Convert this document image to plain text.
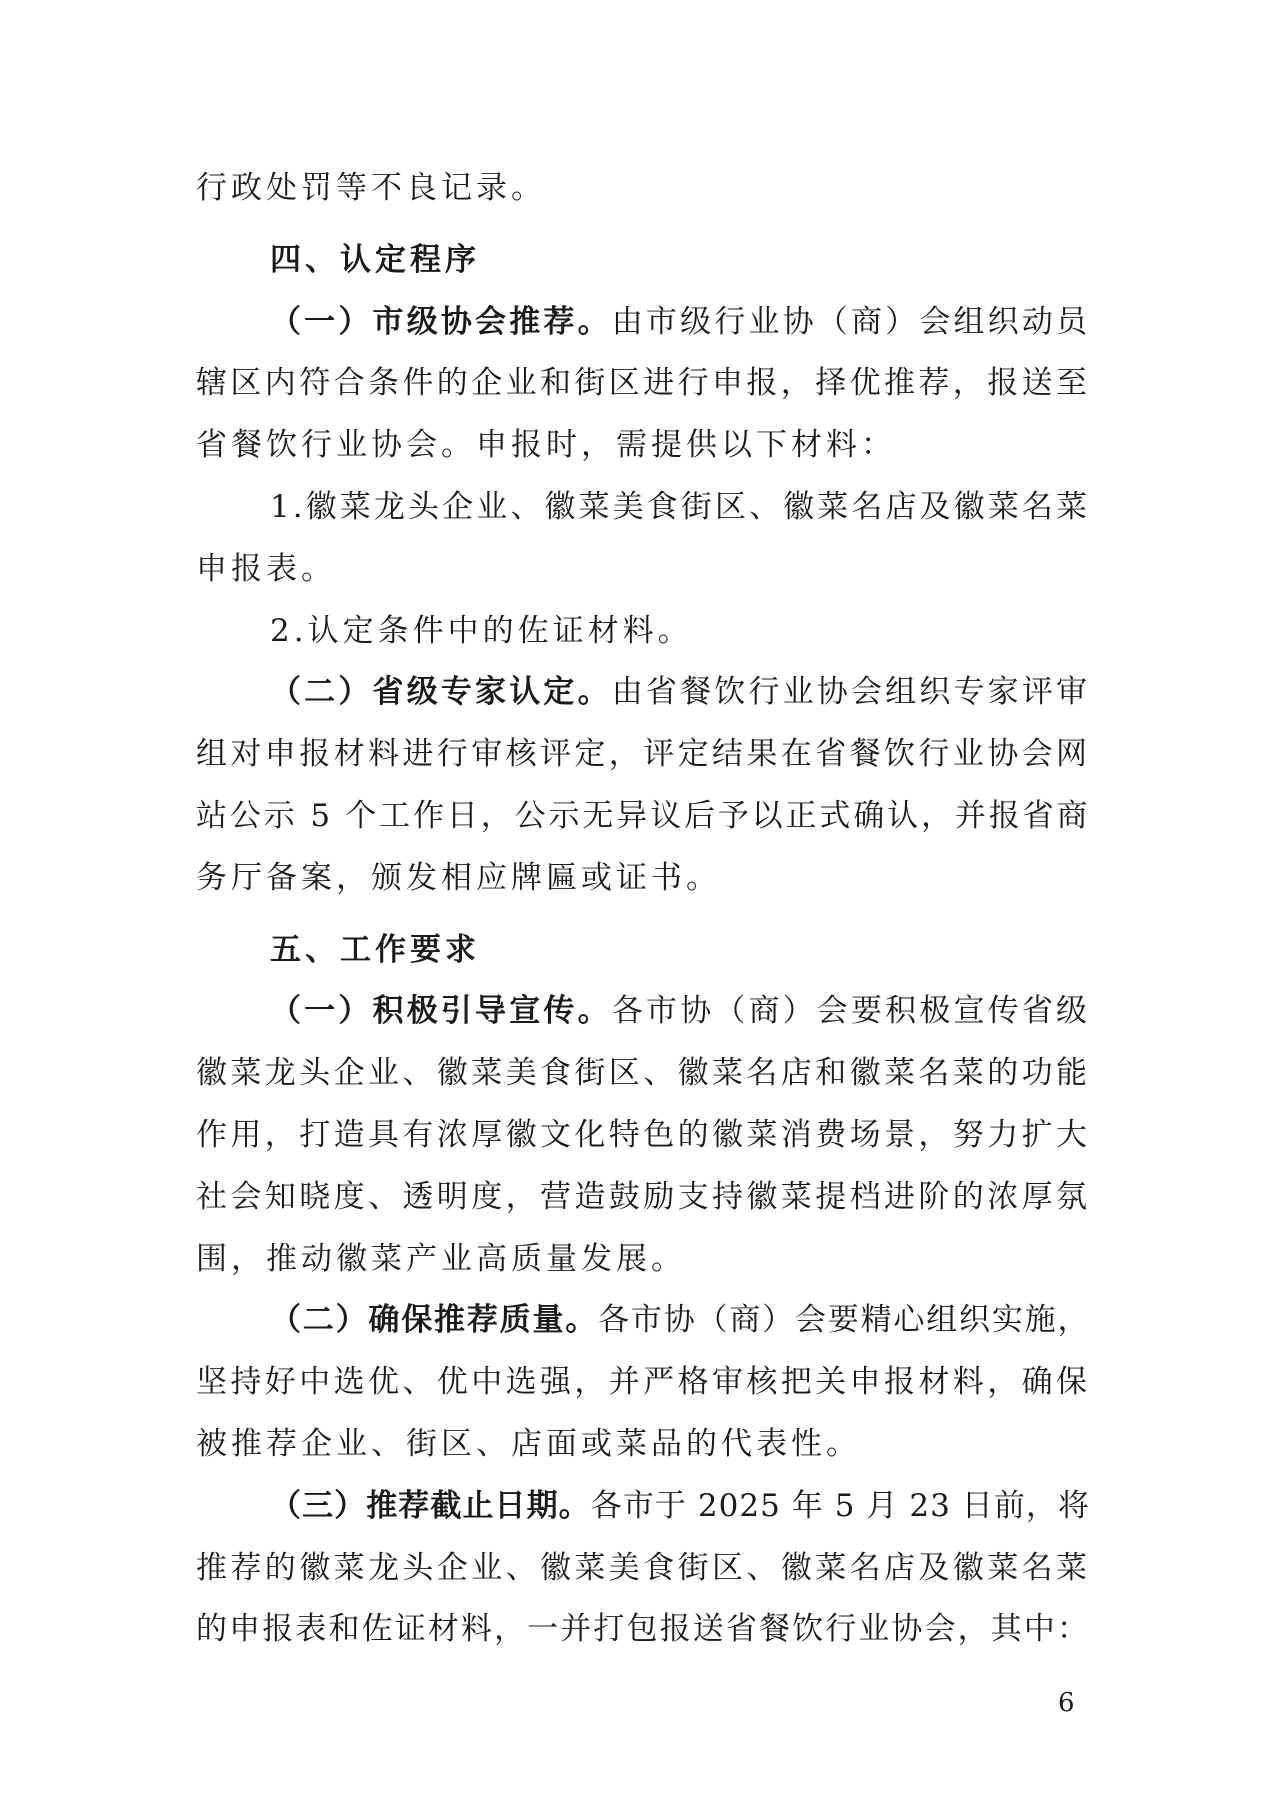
行政处罚等不良记录。
四、认定程序
（一）市级协会推荐。由市级行业协（商）会组织动员
辖区内符合条件的企业和街区进行申报，择优推荐，报送至
省餐饮行业协会。申报时，需提供以下材料：
1.徽菜龙头企业、徽菜美食街区、徽菜名店及徽菜名菜
申报表。
2.认定条件中的佐证材料。
（二）省级专家认定。由省餐饮行业协会组织专家评审
组对申报材料进行审核评定，评定结果在省餐饮行业协会网
站公示 5 个工作日，公示无异议后予以正式确认，并报省商
务厅备案，颁发相应牌匾或证书。
五、工作要求
（一）积极引导宣传。各市协（商）会要积极宣传省级
徽菜龙头企业、徽菜美食街区、徽菜名店和徽菜名菜的功能
作用，打造具有浓厚徽文化特色的徽菜消费场景，努力扩大
社会知晓度、透明度，营造鼓励支持徽菜提档进阶的浓厚氛
围，推动徽菜产业高质量发展。
（二）确保推荐质量。各市协（商）会要精心组织实施，
坚持好中选优、优中选强，并严格审核把关申报材料，确保
被推荐企业、街区、店面或菜品的代表性。
（三）推荐截止日期。各市于 2025 年 5 月 23 日前，将
推荐的徽菜龙头企业、徽菜美食街区、徽菜名店及徽菜名菜
的申报表和佐证材料，一并打包报送省餐饮行业协会，其中：
6
